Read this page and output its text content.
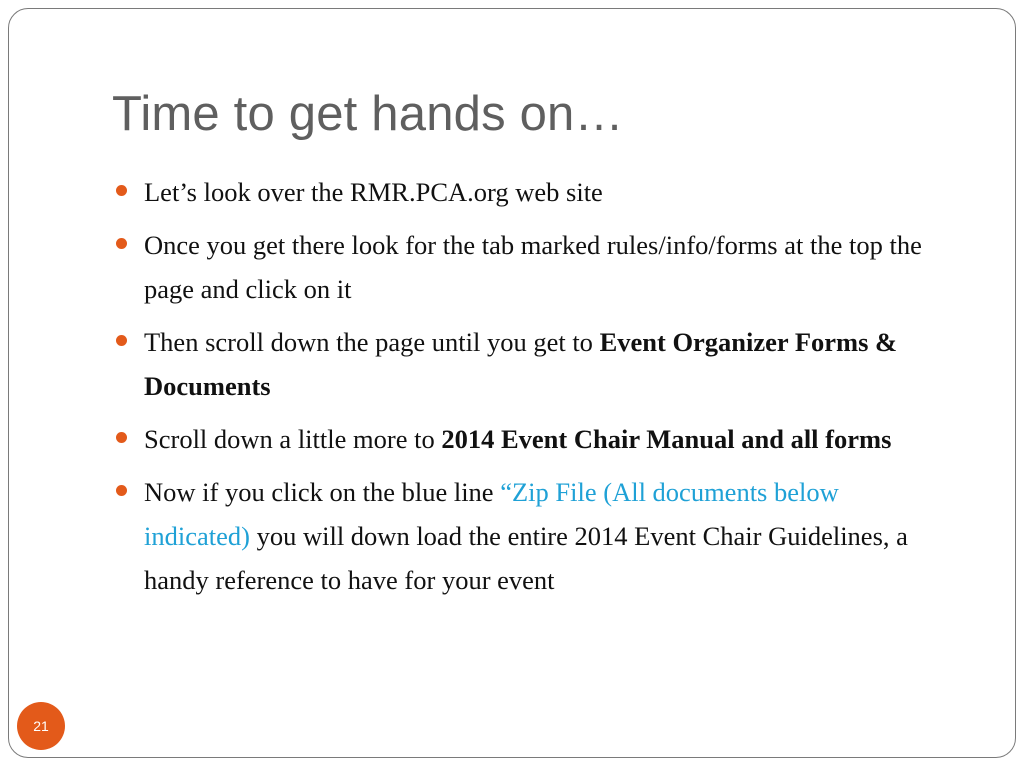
Time to get hands on…
Let’s look over the RMR.PCA.org web site
Once you get there look for the tab marked rules/info/forms at the top the page and click on it
Then scroll down the page until you get to Event Organizer Forms & Documents
Scroll down a little more to 2014 Event Chair Manual and all forms
Now if you click on the blue line “Zip File (All documents below indicated) you will down load the entire 2014 Event Chair Guidelines, a handy reference to have for your event
21
